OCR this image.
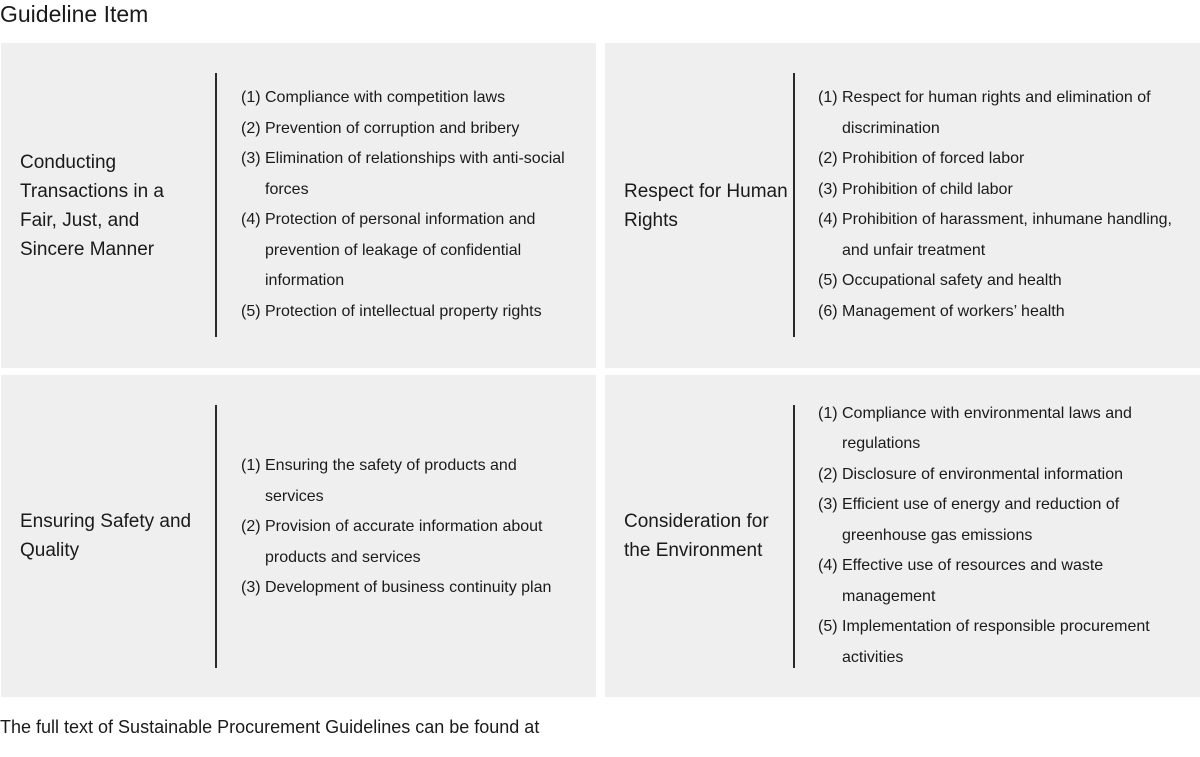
Guideline Item
Conducting Transactions in a Fair, Just, and Sincere Manner
(1) Compliance with competition laws
(2) Prevention of corruption and bribery
(3) Elimination of relationships with anti-social forces
(4) Protection of personal information and prevention of leakage of confidential information
(5) Protection of intellectual property rights
Respect for Human Rights
(1) Respect for human rights and elimination of discrimination
(2) Prohibition of forced labor
(3) Prohibition of child labor
(4) Prohibition of harassment, inhumane handling, and unfair treatment
(5) Occupational safety and health
(6) Management of workers’ health
Ensuring Safety and Quality
(1) Ensuring the safety of products and services
(2) Provision of accurate information about products and services
(3) Development of business continuity plan
Consideration for the Environment
(1) Compliance with environmental laws and regulations
(2) Disclosure of environmental information
(3) Efficient use of energy and reduction of greenhouse gas emissions
(4) Effective use of resources and waste management
(5) Implementation of responsible procurement activities
The full text of Sustainable Procurement Guidelines can be found at
